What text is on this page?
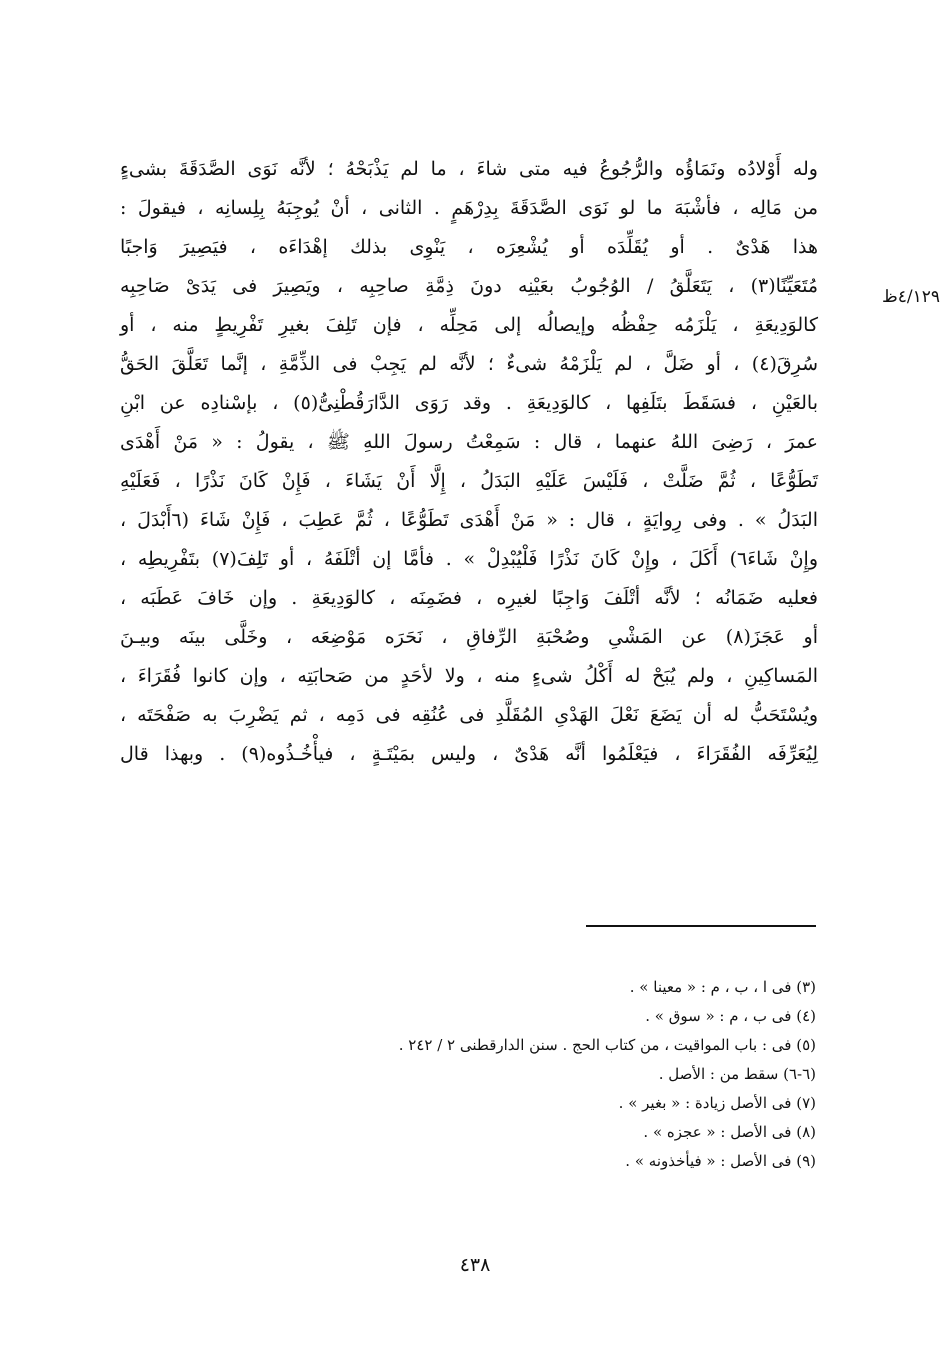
٤/١٢٩ظ
وله أَوْلادُه ونَمَاؤُه والرُّجُوعُ فيه متى شاءَ ، ما لم يَذْبَحْهُ ؛ لأنَّه نَوَى الصَّدَقَةَ بشىءٍ
من مَالِه ، فأشْبَهَ ما لو نَوَى الصَّدَقَةَ بِدِرْهَمٍ . الثانى ، أنْ يُوجِبَهُ بِلِسانِه ، فيقولَ :
هذا هَدْىٌ . أو يُقَلِّدَه أو يُشْعِرَه ، يَنْوِى بذلك إهْدَاءَه ، فيَصِيرَ وَاجبًا
مُتَعَيِّنًا(٣) ، يَتَعَلَّقُ / الوُجُوبُ بعَيْنِه دونَ ذِمَّةِ صاحِبِه ، ويَصِيرَ فى يَدَىْ صَاحِبِه
كالوَدِيعَةِ ، يَلْزَمُه حِفْظُه وإيصالُه إلى مَحِلِّه ، فإن تَلِفَ بغيرِ تَفْرِيطٍ منه ، أو
سُرِقَ(٤) ، أو ضَلَّ ، لم يَلْزَمْهُ شىءٌ ؛ لأنَّه لم يَجِبْ فى الذِّمَّةِ ، إنَّما تَعَلَّقَ الحَقُّ
بالعَيْنِ ، فسَقَطَ بتَلَفِها ، كالوَدِيعَةِ . وقد رَوَى الدَّارَقُطْنِىُّ(٥) ، بإسْنادِه عن ابْنِ
عمرَ ، رَضِىَ اللهُ عنهما ، قال : سَمِعْتُ رسولَ اللهِ ﷺ ، يقولُ : « مَنْ أَهْدَى
تَطَوُّعًا ، ثُمَّ ضَلَّتْ ، فَلَيْسَ عَلَيْهِ البَدَلُ ، إِلَّا أَنْ يَشَاءَ ، فَإِنْ كَانَ نَذْرًا ، فَعَلَيْهِ
البَدَلُ » . وفى رِوايَةٍ ، قال : « مَنْ أَهْدَى تَطَوُّعًا ، ثُمَّ عَطِبَ ، فَإِنْ شَاءَ (٦أَبْدَلَ ،
وإِنْ شَاءَ٦) أَكَلَ ، وإِنْ كَانَ نَذْرًا فَلْيُبْدِلْ » . فأمَّا إن أتْلَفَهُ ، أو تَلِفَ(٧) بتَفْرِيطِه ،
فعليه ضَمَانُه ؛ لأنَّه أتْلَفَ وَاجِبًا لغيرِه ، فضَمِنَه ، كالوَدِيعَةِ . وإن خَافَ عَطَبَه ،
أو عَجَزَ(٨) عن المَشْىِ وصُحْبَةِ الرِّفاقِ ، نَحَرَه مَوْضِعَه ، وخَلَّى بينَه وبيـنَ
المَساكِينِ ، ولم يُبَحْ له أَكْلُ شىءٍ منه ، ولا لأحَدٍ من صَحابَتِه ، وإن كانوا فُقَرَاءَ ،
ويُسْتَحَبُّ له أن يَضَعَ نَعْلَ الهَدْىِ المُقَلَّدِ فى عُنُقِه فى دَمِه ، ثم يَضْرِبَ به صَفْحَتَه ،
لِيُعَرِّفَه الفُقَرَاءَ ، فيَعْلَمُوا أنَّه هَدْىٌ ، وليس بمَيْتَـةٍ ، فيأْخُـذُوه(٩) . وبهذا قال
(٣) فى ا ، ب ، م : « معينا » .
(٤) فى ب ، م : « سوق » .
(٥) فى : باب المواقيت ، من كتاب الحج . سنن الدارقطنى ٢ / ٢٤٢ .
(٦-٦) سقط من : الأصل .
(٧) فى الأصل زيادة : « بغير » .
(٨) فى الأصل : « عجزه » .
(٩) فى الأصل : « فيأخذونه » .
٤٣٨
